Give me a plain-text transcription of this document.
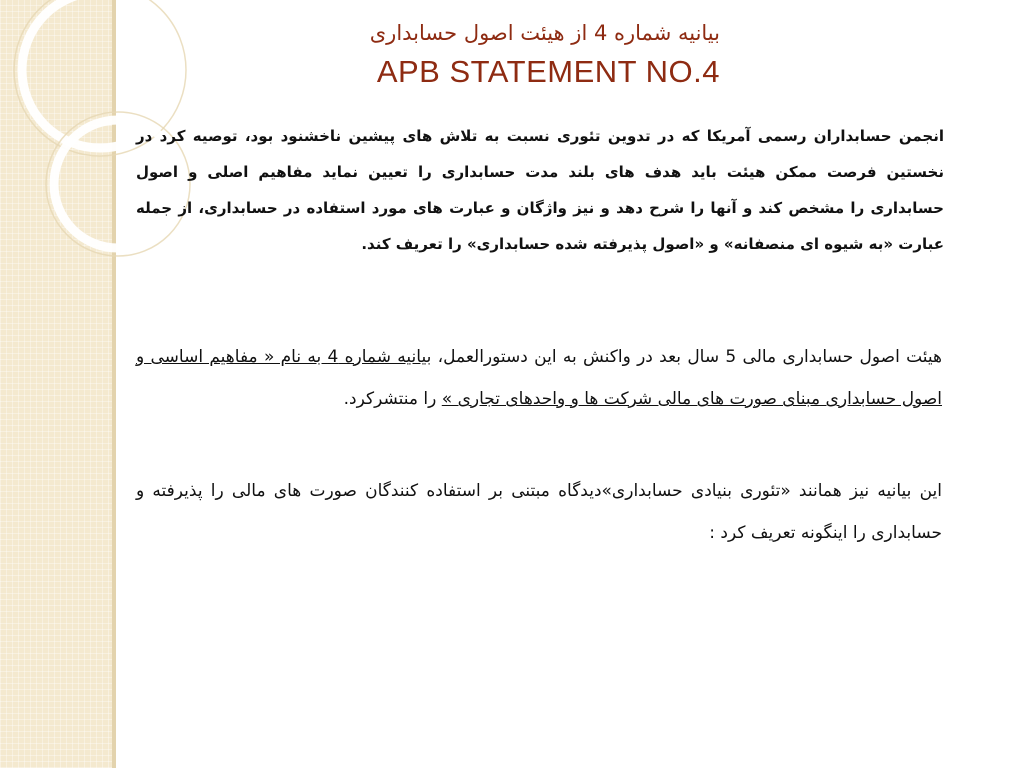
بیانیه شماره 4 از هیئت اصول حسابداری
APB STATEMENT NO.4
انجمن حسابداران رسمی آمریکا که در تدوین تئوری نسبت به تلاش های پیشین ناخشنود بود، توصیه کرد در نخستین فرصت ممکن هیئت باید هدف های بلند مدت حسابداری را تعیین نماید مفاهیم اصلی و اصول حسابداری را مشخص کند و آنها را شرح دهد و نیز واژگان و عبارت های مورد استفاده در حسابداری، از جمله عبارت «به شیوه ای منصفانه» و «اصول پذیرفته شده حسابداری» را تعریف کند.
هیئت اصول حسابداری مالی 5 سال بعد در واکنش به این دستورالعمل، بیانیه شماره 4 به نام « مفاهیم اساسی و اصول حسابداری مبنای صورت های مالی شرکت ها و واحدهای تجاری » را منتشرکرد.
این بیانیه نیز همانند «تئوری بنیادی حسابداری»دیدگاه مبتنی بر استفاده کنندگان صورت های مالی را پذیرفته و حسابداری را اینگونه تعریف کرد :
